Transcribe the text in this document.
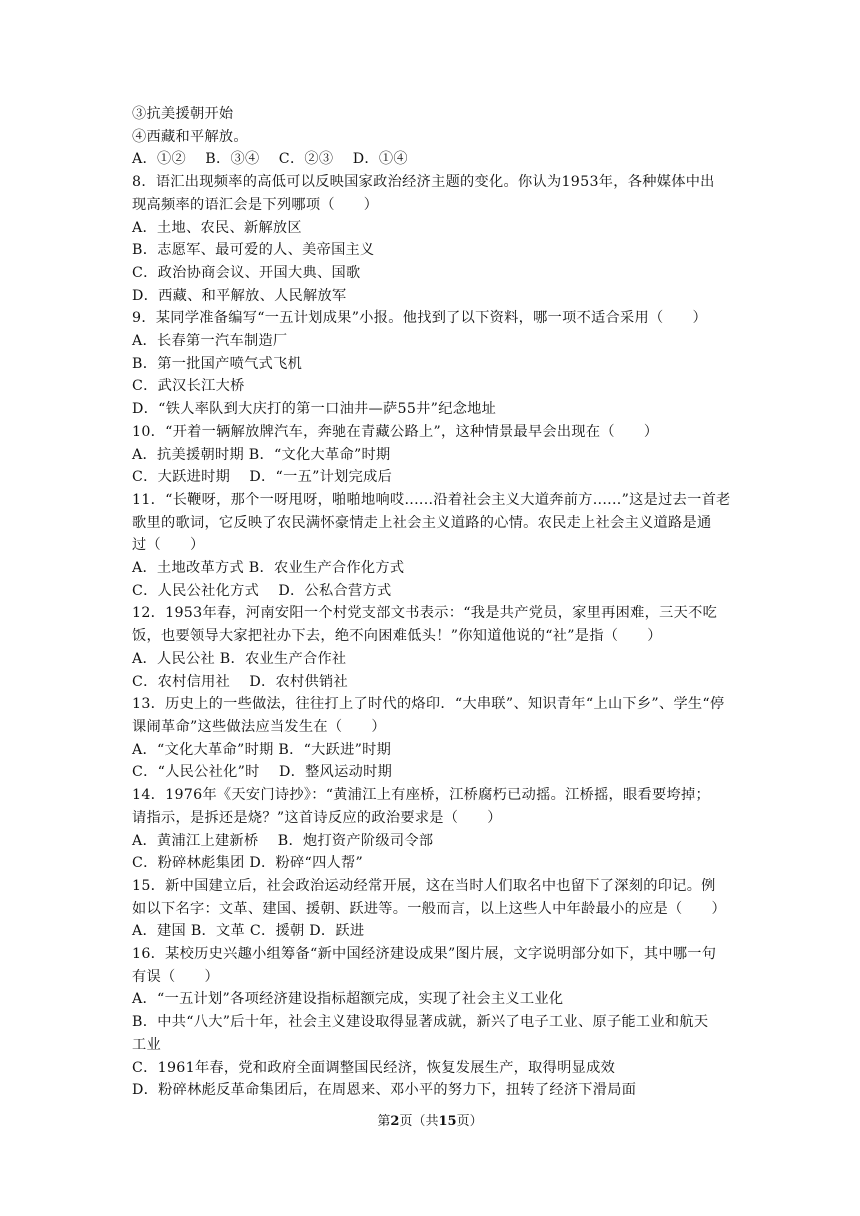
③抗美援朝开始
④西藏和平解放。
A．①②　 B．③④　 C．②③　 D．①④
8．语汇出现频率的高低可以反映国家政治经济主题的变化。你认为1953年，各种媒体中出
现高频率的语汇会是下列哪项（　　）
A．土地、农民、新解放区
B．志愿军、最可爱的人、美帝国主义
C．政治协商会议、开国大典、国歌
D．西藏、和平解放、人民解放军
9．某同学准备编写“一五计划成果”小报。他找到了以下资料，哪一项不适合采用（　　）
A．长春第一汽车制造厂
B．第一批国产喷气式飞机
C．武汉长江大桥
D．“铁人率队到大庆打的第一口油井—萨55井”纪念地址
10．“开着一辆解放牌汽车，奔驰在青藏公路上”，这种情景最早会出现在（　　）
A．抗美援朝时期 B．“文化大革命”时期
C．大跃进时期　 D．“一五”计划完成后
11．“长鞭呀，那个一呀甩呀，啪啪地响哎......沿着社会主义大道奔前方......”这是过去一首老
歌里的歌词，它反映了农民满怀豪情走上社会主义道路的心情。农民走上社会主义道路是通
过（　　）
A．土地改革方式 B．农业生产合作化方式
C．人民公社化方式　 D．公私合营方式
12．1953年春，河南安阳一个村党支部文书表示：“我是共产党员，家里再困难，三天不吃
饭，也要领导大家把社办下去，绝不向困难低头！”你知道他说的“社”是指（　　）
A．人民公社 B．农业生产合作社
C．农村信用社　 D．农村供销社
13．历史上的一些做法，往往打上了时代的烙印．“大串联”、知识青年“上山下乡”、学生“停
课闹革命”这些做法应当发生在（　　）
A．“文化大革命”时期 B．“大跃进”时期
C．“人民公社化”时　 D．整风运动时期
14．1976年《天安门诗抄》：“黄浦江上有座桥，江桥腐朽已动摇。江桥摇，眼看要垮掉；
请指示，是拆还是烧？”这首诗反应的政治要求是（　　）
A．黄浦江上建新桥　 B．炮打资产阶级司令部
C．粉碎林彪集团 D．粉碎“四人帮”
15．新中国建立后，社会政治运动经常开展，这在当时人们取名中也留下了深刻的印记。例
如以下名字：文革、建国、援朝、跃进等。一般而言，以上这些人中年龄最小的应是（　　）
A．建国 B．文革 C．援朝 D．跃进
16．某校历史兴趣小组筹备“新中国经济建设成果”图片展，文字说明部分如下，其中哪一句
有误（　　）
A．“一五计划”各项经济建设指标超额完成，实现了社会主义工业化
B．中共“八大”后十年，社会主义建设取得显著成就，新兴了电子工业、原子能工业和航天
工业
C．1961年春，党和政府全面调整国民经济，恢复发展生产，取得明显成效
D．粉碎林彪反革命集团后，在周恩来、邓小平的努力下，扭转了经济下滑局面
第2页（共15页）
